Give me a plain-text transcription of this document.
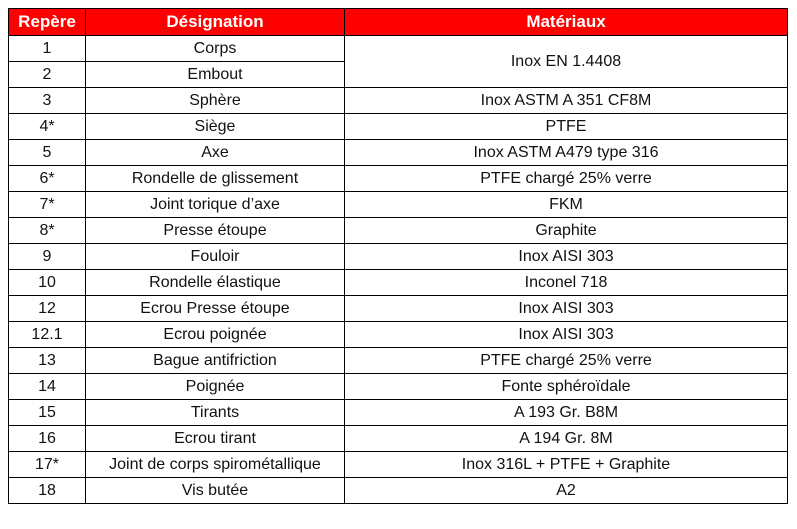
Repère	Désignation	Matériaux
1	Corps	Inox EN 1.4408
2	Embout	
3	Sphère	Inox ASTM A 351 CF8M
4*	Siège	PTFE
5	Axe	Inox ASTM A479 type 316
6*	Rondelle de glissement	PTFE chargé 25% verre
7*	Joint torique d’axe	FKM
8*	Presse étoupe	Graphite
9	Fouloir	Inox AISI 303
10	Rondelle élastique	Inconel 718
12	Ecrou Presse étoupe	Inox AISI 303
12.1	Ecrou poignée	Inox AISI 303
13	Bague antifriction	PTFE chargé 25% verre
14	Poignée	Fonte sphéroïdale
15	Tirants	A 193 Gr. B8M
16	Ecrou tirant	A 194 Gr. 8M
17*	Joint de corps spirométallique	Inox 316L + PTFE + Graphite
18	Vis butée	A2
